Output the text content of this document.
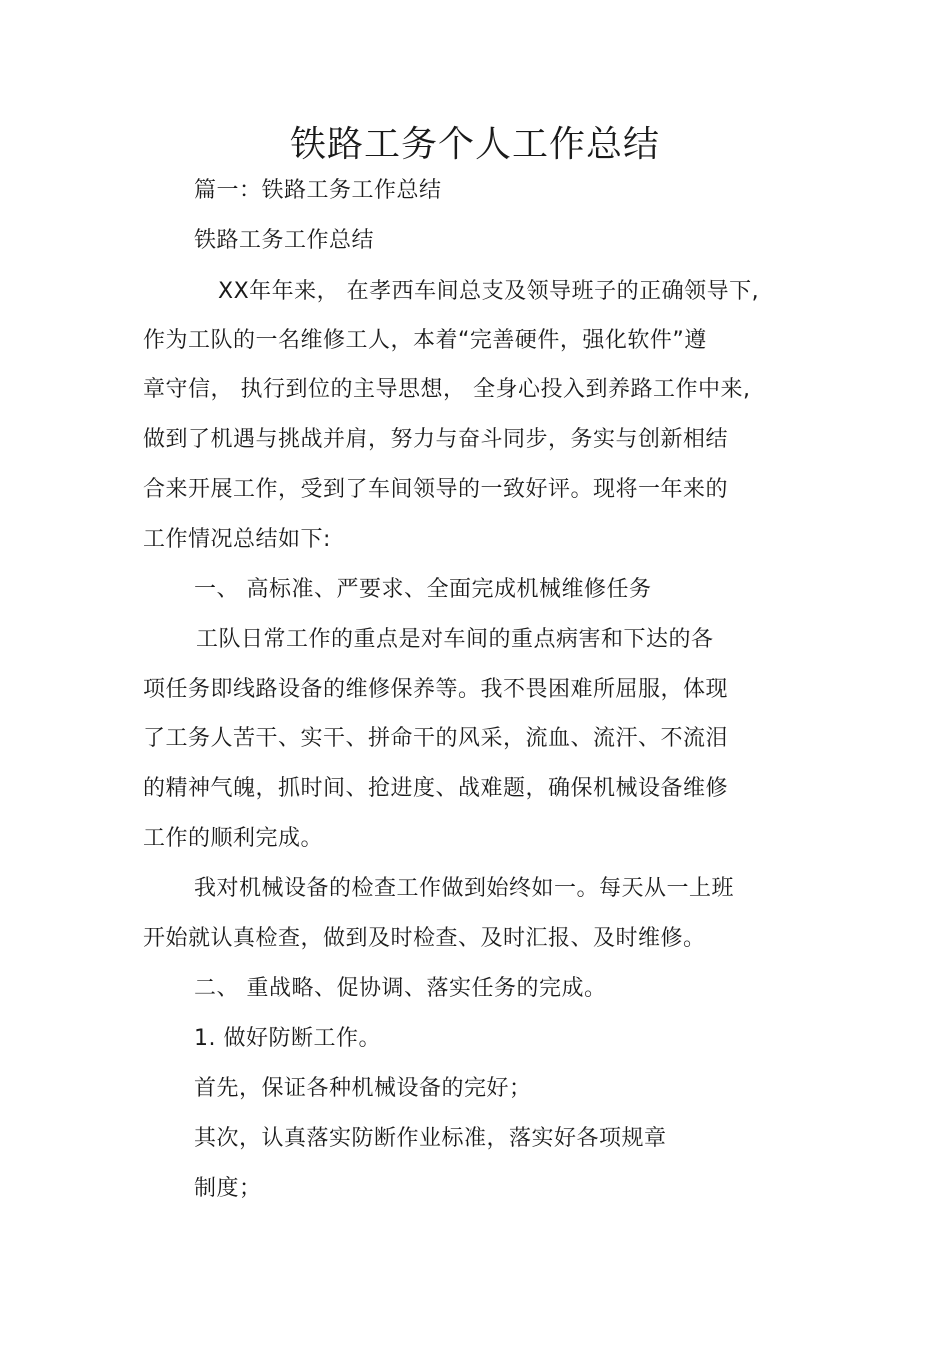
铁路工务个人工作总结
篇一：铁路工务工作总结
铁路工务工作总结
XX年年来， 在孝西车间总支及领导班子的正确领导下,
作为工队的一名维修工人，本着“完善硬件，强化软件”遵
章守信， 执行到位的主导思想， 全身心投入到养路工作中来,
做到了机遇与挑战并肩，努力与奋斗同步，务实与创新相结
合来开展工作，受到了车间领导的一致好评。现将一年来的
工作情况总结如下:
一、 高标准、严要求、全面完成机械维修任务
工队日常工作的重点是对车间的重点病害和下达的各
项任务即线路设备的维修保养等。我不畏困难所屈服，体现
了工务人苦干、实干、拼命干的风采，流血、流汗、不流泪
的精神气魄，抓时间、抢进度、战难题，确保机械设备维修
工作的顺利完成。
我对机械设备的检查工作做到始终如一。每天从一上班
开始就认真检查，做到及时检查、及时汇报、及时维修。
二、 重战略、促协调、落实任务的完成。
1. 做好防断工作。
首先，保证各种机械设备的完好；
其次，认真落实防断作业标准，落实好各项规章
制度；
